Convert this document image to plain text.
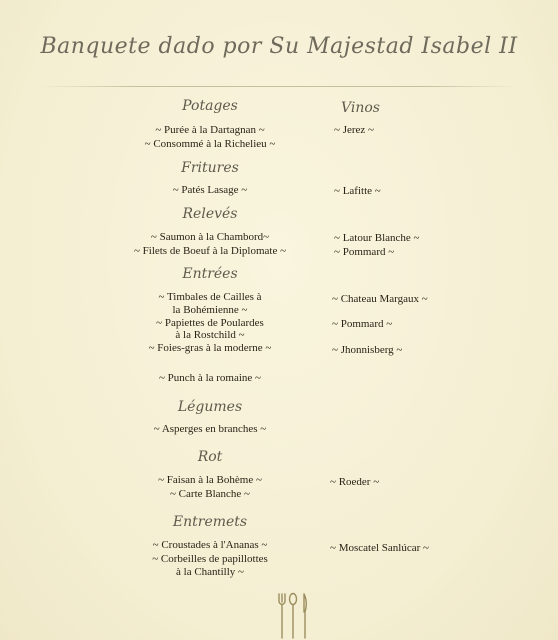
Banquete dado por Su Majestad Isabel II
Potages
~ Purée à la Dartagnan ~
~ Consommé à la Richelieu ~
Vinos
~ Jerez ~
Fritures
~ Patés Lasage ~	~ Lafitte ~
Relevés
~ Saumon à la Chambord~
~ Filets de Boeuf à la Diplomate ~
~ Latour Blanche ~
~ Pommard ~
Entrées
~ Timbales de Cailles à
la Bohémienne ~
~ Papiettes de Poulardes
à la Rostchild ~
~ Foies-gras à la moderne ~
~ Punch à la romaine ~
~ Chateau Margaux ~
~ Pommard ~
~ Jhonnisberg ~
Légumes
~ Asperges en branches ~
Rot
~ Faisan à la Bohème ~
~ Carte Blanche ~
~ Roeder ~
Entremets
~ Croustades à l'Ananas ~
~ Corbeilles de papillottes
à la Chantilly ~
~ Moscatel Sanlúcar ~
